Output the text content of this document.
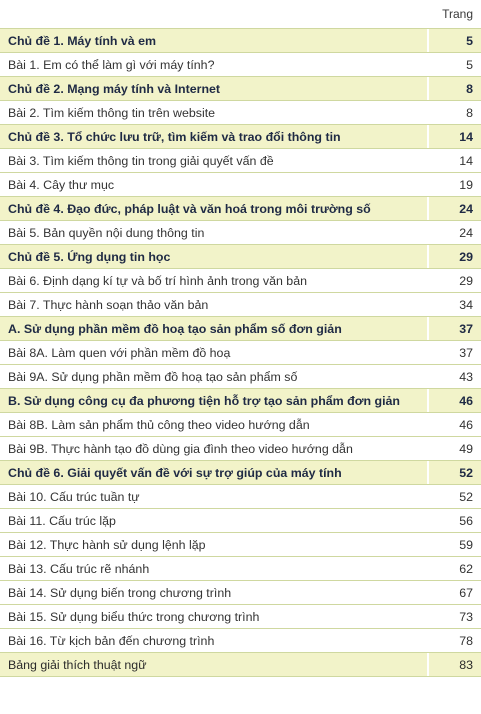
Trang
Chủ đề 1. Máy tính và em	5
Bài 1. Em có thể làm gì với máy tính?	5
Chủ đề 2. Mạng máy tính và Internet	8
Bài 2. Tìm kiếm thông tin trên website	8
Chủ đề 3. Tổ chức lưu trữ, tìm kiếm và trao đổi thông tin	14
Bài 3. Tìm kiếm thông tin trong giải quyết vấn đề	14
Bài 4. Cây thư mục	19
Chủ đề 4. Đạo đức, pháp luật và văn hoá trong môi trường số	24
Bài 5. Bản quyền nội dung thông tin	24
Chủ đề 5. Ứng dụng tin học	29
Bài 6. Định dạng kí tự và bố trí hình ảnh trong văn bản	29
Bài 7. Thực hành soạn thảo văn bản	34
A. Sử dụng phần mềm đồ hoạ tạo sản phẩm số đơn giản	37
Bài 8A. Làm quen với phần mềm đồ hoạ	37
Bài 9A. Sử dụng phần mềm đồ hoạ tạo sản phẩm số	43
B. Sử dụng công cụ đa phương tiện hỗ trợ tạo sản phẩm đơn giản	46
Bài 8B. Làm sản phẩm thủ công theo video hướng dẫn	46
Bài 9B. Thực hành tạo đồ dùng gia đình theo video hướng dẫn	49
Chủ đề 6. Giải quyết vấn đề với sự trợ giúp của máy tính	52
Bài 10. Cấu trúc tuần tự	52
Bài 11. Cấu trúc lặp	56
Bài 12. Thực hành sử dụng lệnh lặp	59
Bài 13. Cấu trúc rẽ nhánh	62
Bài 14. Sử dụng biến trong chương trình	67
Bài 15. Sử dụng biểu thức trong chương trình	73
Bài 16. Từ kịch bản đến chương trình	78
Bảng giải thích thuật ngữ	83
